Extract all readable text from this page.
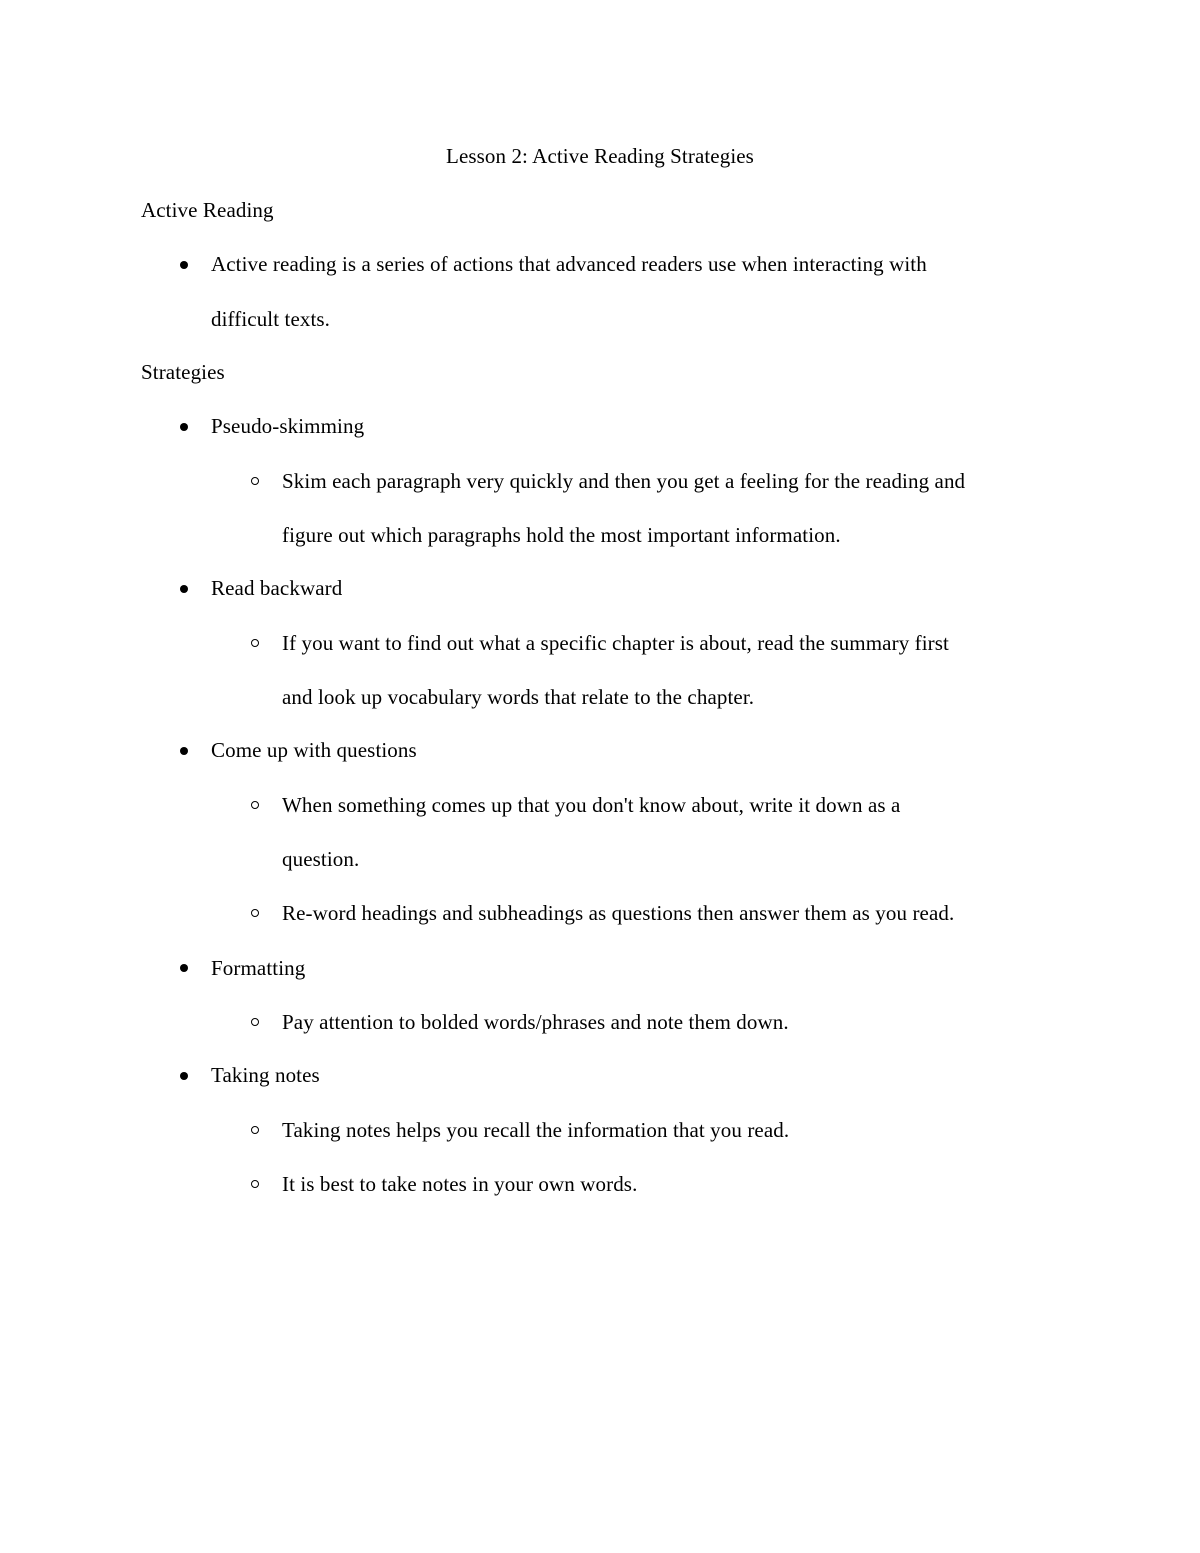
Lesson 2: Active Reading Strategies
Active Reading
Active reading is a series of actions that advanced readers use when interacting with
difficult texts.
Strategies
Pseudo-skimming
Skim each paragraph very quickly and then you get a feeling for the reading and
figure out which paragraphs hold the most important information.
Read backward
If you want to find out what a specific chapter is about, read the summary first
and look up vocabulary words that relate to the chapter.
Come up with questions
When something comes up that you don't know about, write it down as a
question.
Re-word headings and subheadings as questions then answer them as you read.
Formatting
Pay attention to bolded words/phrases and note them down.
Taking notes
Taking notes helps you recall the information that you read.
It is best to take notes in your own words.
